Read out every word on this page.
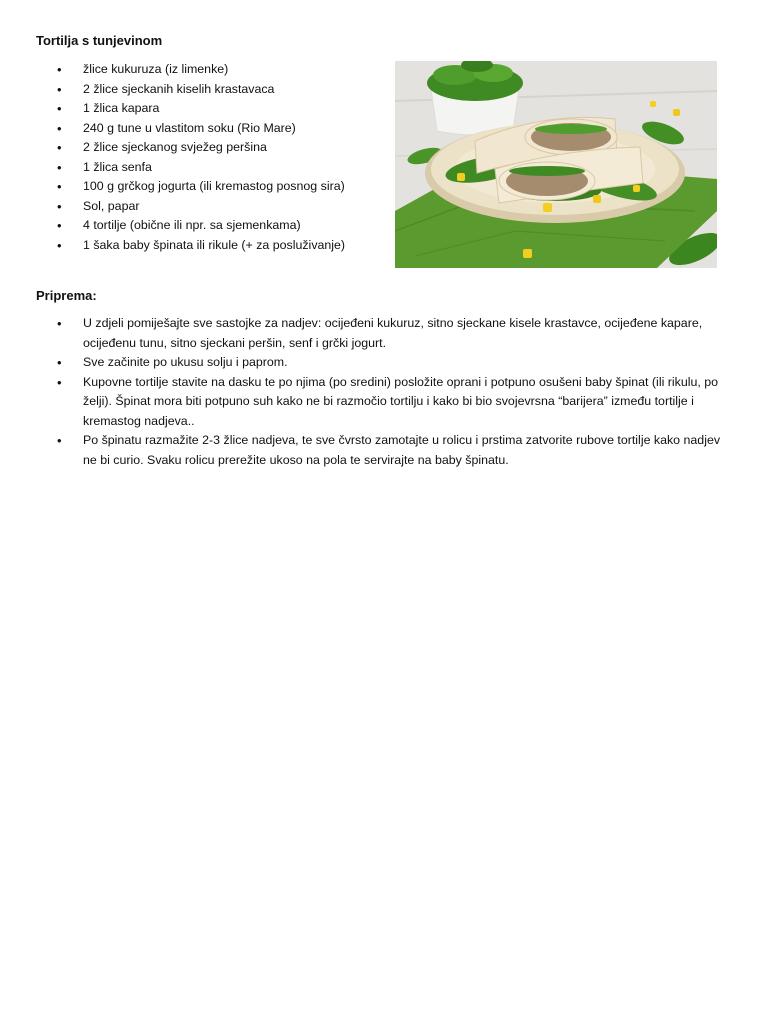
Tortilja s tunjevinom
• žlice kukuruza (iz limenke)
• 2 žlice sjeckanih kiselih krastavaca
• 1 žlica kapara
• 240 g tune u vlastitom soku (Rio Mare)
• 2 žlice sjeckanog svježeg peršina
• 1 žlica senfa
• 100 g grčkog jogurta (ili kremastog posnog sira)
• Sol, papar
• 4 tortilje (obične ili npr. sa sjemenkama)
• 1 šaka baby špinata ili rikule (+ za posluživanje)
Priprema:
• U zdjeli pomiješajte sve sastojke za nadjev: ocijeđeni kukuruz, sitno sjeckane kisele krastavce, ocijeđene kapare, ocijeđenu tunu, sitno sjeckani peršin, senf i grčki jogurt.
• Sve začinite po ukusu solju i paprom.
• Kupovne tortilje stavite na dasku te po njima (po sredini) posložite oprani i potpuno osušeni baby špinat (ili rikulu, po želji). Špinat mora biti potpuno suh kako ne bi razmočio tortilju i kako bi bio svojevrsna “barijera” između tortilje i kremastog nadjeva..
• Po špinatu razmažite 2-3 žlice nadjeva, te sve čvrsto zamotajte u rolicu i prstima zatvorite rubove tortilje kako nadjev ne bi curio. Svaku rolicu prerežite ukoso na pola te servirajte na baby špinatu.
